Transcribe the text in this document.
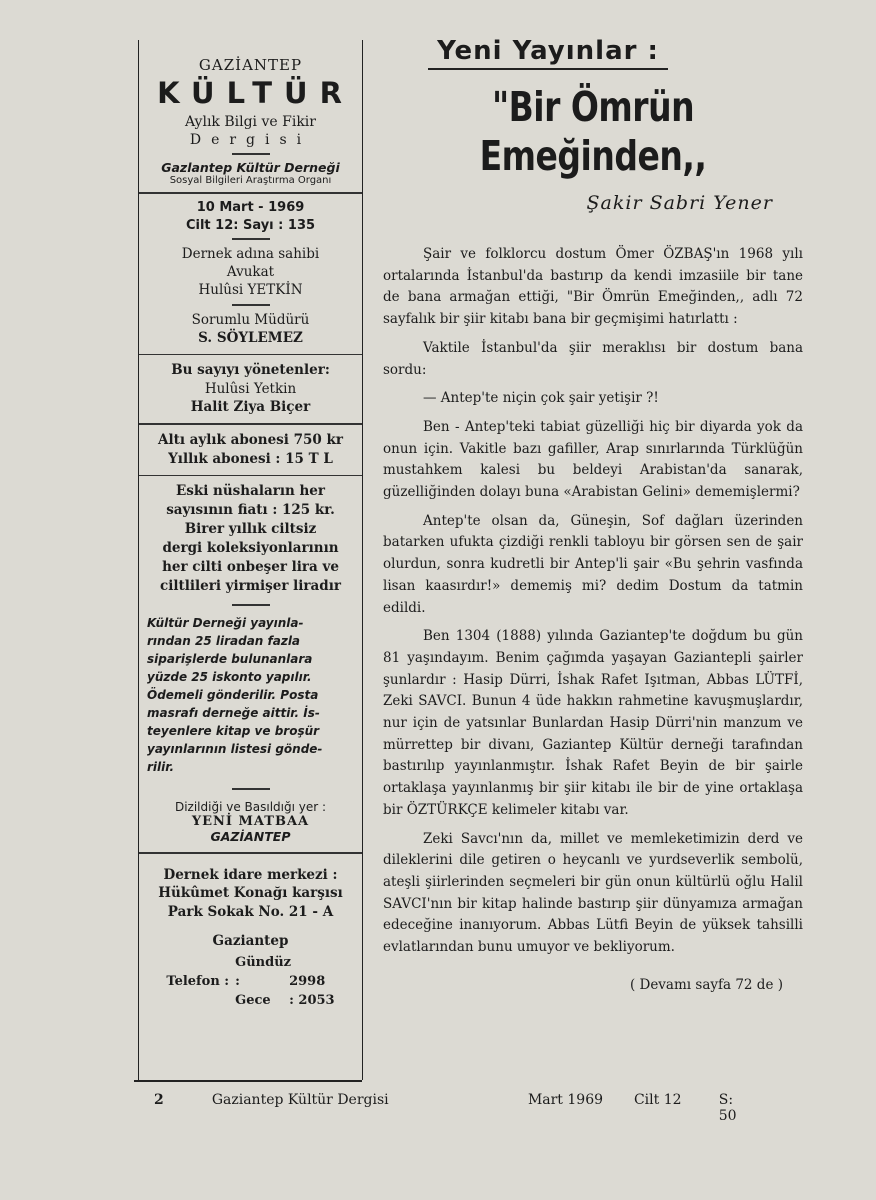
GAZİANTEP
KÜLTÜR
Aylık Bilgi ve Fikir
Dergisi
Gazlantep Kültür Derneği
Sosyal Bilgileri Araştırma Organı
10 Mart - 1969
Cilt 12: Sayı : 135
Dernek adına sahibi
Avukat
Hulûsi YETKİN
Sorumlu Müdürü
S. SÖYLEMEZ
Bu sayıyı yönetenler:
Hulûsi Yetkin
Halit Ziya Biçer
Altı aylık abonesi 750 kr
Yıllık abonesi : 15 T L
Eski nüshaların her
sayısının fiatı : 125 kr.
Birer yıllık ciltsiz
dergi koleksiyonlarının
her cilti onbeşer lira ve
ciltlileri yirmişer liradır
Kültür Derneği yayınla-
rından 25 liradan fazla
siparişlerde bulunanlara
yüzde 25 iskonto yapılır.
Ödemeli gönderilir. Posta
masrafı derneğe aittir. İs-
teyenlere kitap ve broşür
yayınlarının listesi gönde-
rilir.
Dizildiği ve Basıldığı yer :
YENİ MATBAA
GAZİANTEP
Dernek idare merkezi :
Hükûmet Konağı karşısı
Park Sokak No. 21 - A
Gaziantep
Telefon :
Gündüz :	2998
Gece : 2053
Yeni Yayınlar :
"Bir Ömrün Emeğinden,,
Şakir Sabri Yener

Şair ve folklorcu dostum Ömer ÖZBAŞ'ın 1968 yılı ortalarında İstanbul'da bastırıp da kendi imzasiile bir tane de bana armağan ettiği, "Bir Ömrün Emeğinden,, adlı 72 sayfalık bir şiir kitabı bana bir geçmişimi hatırlattı :

Vaktile İstanbul'da şiir meraklısı bir dostum bana sordu:

— Antep'te niçin çok şair yetişir ?!

Ben - Antep'teki tabiat güzelliği hiç bir diyarda yok da onun için. Vakitle bazı gafiller, Arap sınırlarında Türklüğün mustahkem kalesi bu beldeyi Arabistan'da sanarak, güzelliğinden dolayı buna «Arabistan Gelini» dememişlermi?

Antep'te olsan da, Güneşin, Sof dağları üzerinden batarken ufukta çizdiği renkli tabloyu bir görsen sen de şair olurdun, sonra kudretli bir Antep'li şair «Bu şehrin vasfında lisan kaasırdır!» dememiş mi? dedim Dostum da tatmin edildi.

Ben 1304 (1888) yılında Gaziantep'te doğdum bu gün 81 yaşındayım. Benim çağımda yaşayan Gaziantepli şairler şunlardır : Hasip Dürri, İshak Rafet Işıtman, Abbas LÜTFİ, Zeki SAVCI. Bunun 4 üde hakkın rahmetine kavuşmuşlardır, nur için de yatsınlar Bunlardan Hasip Dürri'nin manzum ve mürrettep bir divanı, Gaziantep Kültür derneği tarafından bastırılıp yayınlanmıştır. İshak Rafet Beyin de bir şairle ortaklaşa yayınlanmış bir şiir kitabı ile bir de yine ortaklaşa bir ÖZTÜRKÇE kelimeler kitabı var.

Zeki Savcı'nın da, millet ve memleketimizin derd ve dileklerini dile getiren o heycanlı ve yurdseverlik sembolü, ateşli şiirlerinden seçmeleri bir gün onun kültürlü oğlu Halil SAVCI'nın bir kitap halinde bastırıp şiir dünyamıza armağan edeceğine inanıyorum. Abbas Lütfi Beyin de yüksek tahsilli evlatlarından bunu umuyor ve bekliyorum.

( Devamı sayfa 72 de )
2	Gaziantep Kültür Dergisi	Mart 1969	Cilt 12	S: 50
